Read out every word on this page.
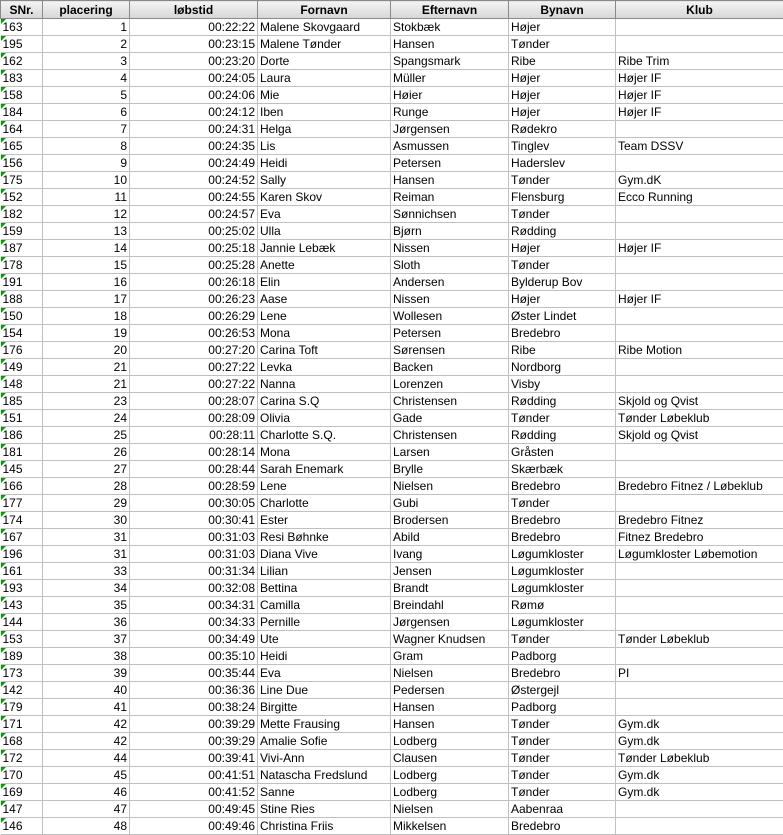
SNr.	placering	løbstid	Fornavn	Efternavn	Bynavn	Klub

163	1	00:22:22	Malene Skovgaard	Stokbæk	Højer	

195	2	00:23:15	Malene Tønder	Hansen	Tønder	

162	3	00:23:20	Dorte	Spangsmark	Ribe	Ribe Trim

183	4	00:24:05	Laura	Müller	Højer	Højer IF

158	5	00:24:06	Mie	Høier	Højer	Højer IF

184	6	00:24:12	Iben	Runge	Højer	Højer IF

164	7	00:24:31	Helga	Jørgensen	Rødekro	

165	8	00:24:35	Lis	Asmussen	Tinglev	Team DSSV

156	9	00:24:49	Heidi	Petersen	Haderslev	

175	10	00:24:52	Sally	Hansen	Tønder	Gym.dK

152	11	00:24:55	Karen Skov	Reiman	Flensburg	Ecco Running

182	12	00:24:57	Eva	Sønnichsen	Tønder	

159	13	00:25:02	Ulla	Bjørn	Rødding	

187	14	00:25:18	Jannie Lebæk	Nissen	Højer	Højer IF

178	15	00:25:28	Anette	Sloth	Tønder	

191	16	00:26:18	Elin	Andersen	Bylderup Bov	

188	17	00:26:23	Aase	Nissen	Højer	Højer IF

150	18	00:26:29	Lene	Wollesen	Øster Lindet	

154	19	00:26:53	Mona	Petersen	Bredebro	

176	20	00:27:20	Carina Toft	Sørensen	Ribe	Ribe Motion

149	21	00:27:22	Levka	Backen	Nordborg	

148	21	00:27:22	Nanna	Lorenzen	Visby	

185	23	00:28:07	Carina S.Q	Christensen	Rødding	Skjold og Qvist

151	24	00:28:09	Olivia	Gade	Tønder	Tønder Løbeklub

186	25	00:28:11	Charlotte S.Q.	Christensen	Rødding	Skjold og Qvist

181	26	00:28:14	Mona	Larsen	Gråsten	

145	27	00:28:44	Sarah Enemark	Brylle	Skærbæk	

166	28	00:28:59	Lene	Nielsen	Bredebro	Bredebro Fitnez / Løbeklub

177	29	00:30:05	Charlotte	Gubi	Tønder	

174	30	00:30:41	Ester	Brodersen	Bredebro	Bredebro Fitnez

167	31	00:31:03	Resi Bøhnke	Abild	Bredebro	Fitnez Bredebro

196	31	00:31:03	Diana Vive	Ivang	Løgumkloster	Løgumkloster Løbemotion

161	33	00:31:34	Lilian	Jensen	Løgumkloster	

193	34	00:32:08	Bettina	Brandt	Løgumkloster	

143	35	00:34:31	Camilla	Breindahl	Rømø	

144	36	00:34:33	Pernille	Jørgensen	Løgumkloster	

153	37	00:34:49	Ute	Wagner Knudsen	Tønder	Tønder Løbeklub

189	38	00:35:10	Heidi	Gram	Padborg	

173	39	00:35:44	Eva	Nielsen	Bredebro	PI

142	40	00:36:36	Line Due	Pedersen	Østergejl	

179	41	00:38:24	Birgitte	Hansen	Padborg	

171	42	00:39:29	Mette Frausing	Hansen	Tønder	Gym.dk

168	42	00:39:29	Amalie Sofie	Lodberg	Tønder	Gym.dk

172	44	00:39:41	Vivi-Ann	Clausen	Tønder	Tønder Løbeklub

170	45	00:41:51	Natascha Fredslund	Lodberg	Tønder	Gym.dk

169	46	00:41:52	Sanne	Lodberg	Tønder	Gym.dk

147	47	00:49:45	Stine Ries	Nielsen	Aabenraa	

146	48	00:49:46	Christina Friis	Mikkelsen	Bredebro	
